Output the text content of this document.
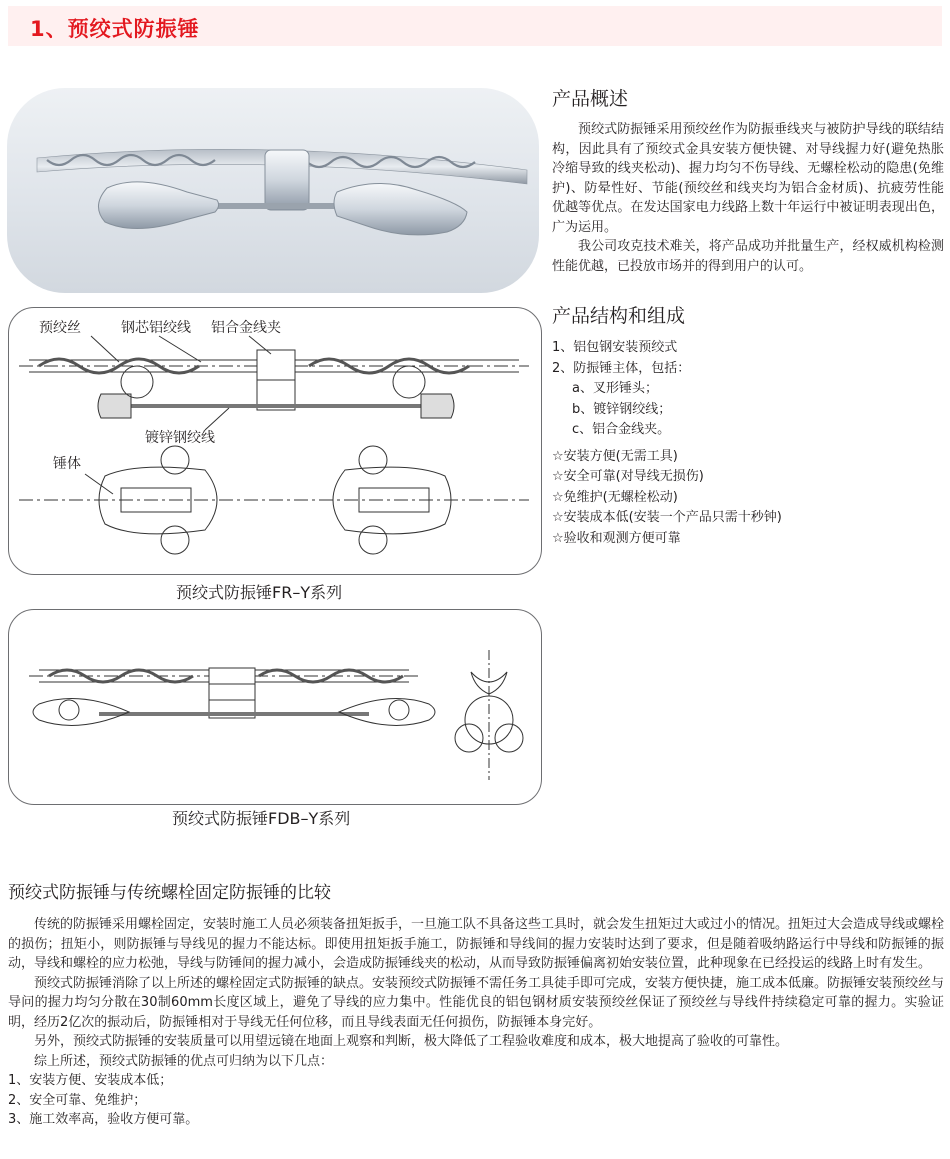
1、预绞式防振锤
预绞丝	钢芯铝绞线 铝合金线夹
镀锌钢绞线
锤体
预绞式防振锤FR–Y系列
预绞式防振锤FDB–Y系列
产品概述

预绞式防振锤采用预绞丝作为防振垂线夹与被防护导线的联结结构，因此具有了预绞式金具安装方便快键、对导线握力好(避免热胀冷缩导致的线夹松动)、握力均匀不伤导线、无螺栓松动的隐患(免维护)、防晕性好、节能(预绞丝和线夹均为铝合金材质)、抗疲劳性能优越等优点。在发达国家电力线路上数十年运行中被证明表现出色，广为运用。

我公司攻克技术难关，将产品成功并批量生产，经权威机构检测性能优越，已投放市场并的得到用户的认可。

产品结构和组成

1、铝包钢安装预绞式

2、防振锤主体，包括：

a、叉形锤头；

b、镀锌钢绞线；

c、铝合金线夹。

☆安装方便(无需工具)

☆安全可靠(对导线无损伤)

☆免维护(无螺栓松动)

☆安装成本低(安装一个产品只需十秒钟)

☆验收和观测方便可靠

预绞式防振锤与传统螺栓固定防振锤的比较

传统的防振锤采用螺栓固定，安装时施工人员必须装备扭矩扳手，一旦施工队不具备这些工具时，就会发生扭矩过大或过小的情况。扭矩过大会造成导线或螺栓的损伤；扭矩小，则防振锤与导线见的握力不能达标。即使用扭矩扳手施工，防振锤和导线间的握力安装时达到了要求，但是随着吸纳路运行中导线和防振锤的振动，导线和螺栓的应力松弛，导线与防锤间的握力减小，会造成防振锤线夹的松动，从而导致防振锤偏离初始安装位置，此种现象在已经投运的线路上时有发生。

预绞式防振锤消除了以上所述的螺栓固定式防振锤的缺点。安装预绞式防振锤不需任务工具徒手即可完成，安装方便快捷，施工成本低廉。防振锤安装预绞丝与导问的握力均匀分散在30制60mm长度区域上，避免了导线的应力集中。性能优良的铝包钢材质安装预绞丝保证了预绞丝与导线件持续稳定可靠的握力。实验证明，经历2亿次的振动后，防振锤相对于导线无任何位移，而且导线表面无任何损伤，防振锤本身完好。

另外，预绞式防振锤的安装质量可以用望远镜在地面上观察和判断，极大降低了工程验收难度和成本，极大地提高了验收的可靠性。

综上所述，预绞式防振锤的优点可归纳为以下几点：

1、安装方便、安装成本低；

2、安全可靠、免维护；

3、施工效率高，验收方便可靠。
